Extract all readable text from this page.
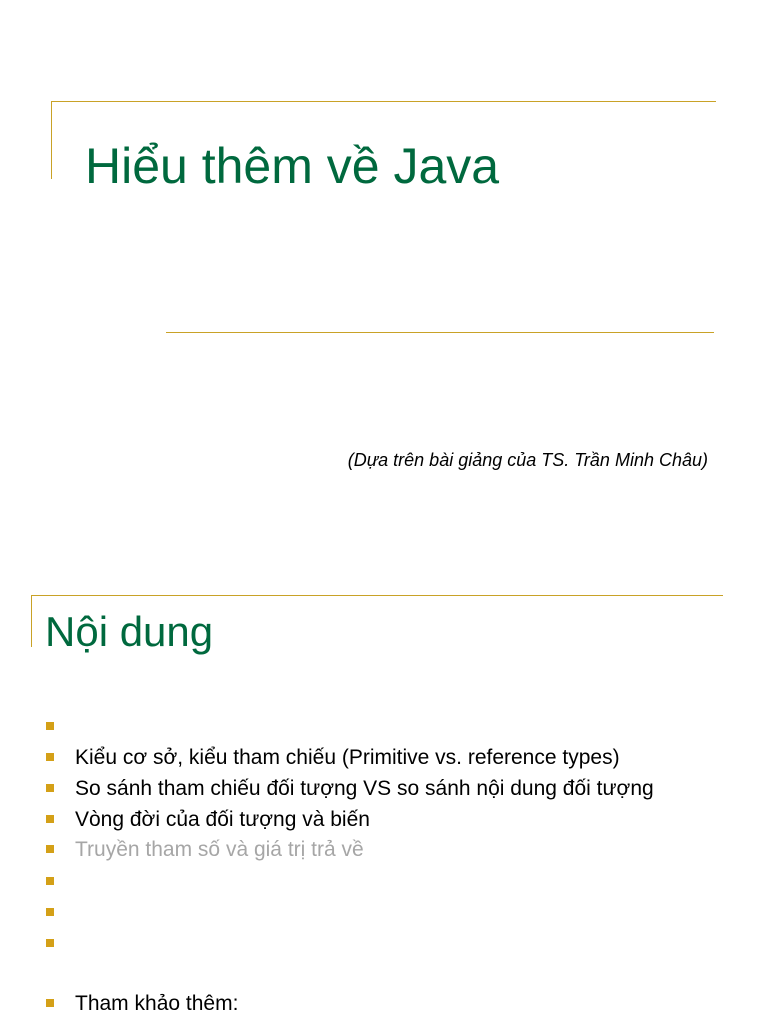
Hiểu thêm về Java
(Dựa trên bài giảng của TS. Trần Minh Châu)
Nội dung
Kiểu cơ sở, kiểu tham chiếu (Primitive vs. reference types)
So sánh tham chiếu đối tượng VS so sánh nội dung đối tượng
Vòng đời của đối tượng và biến
Truyền tham số và giá trị trả về
Tham khảo thêm:
